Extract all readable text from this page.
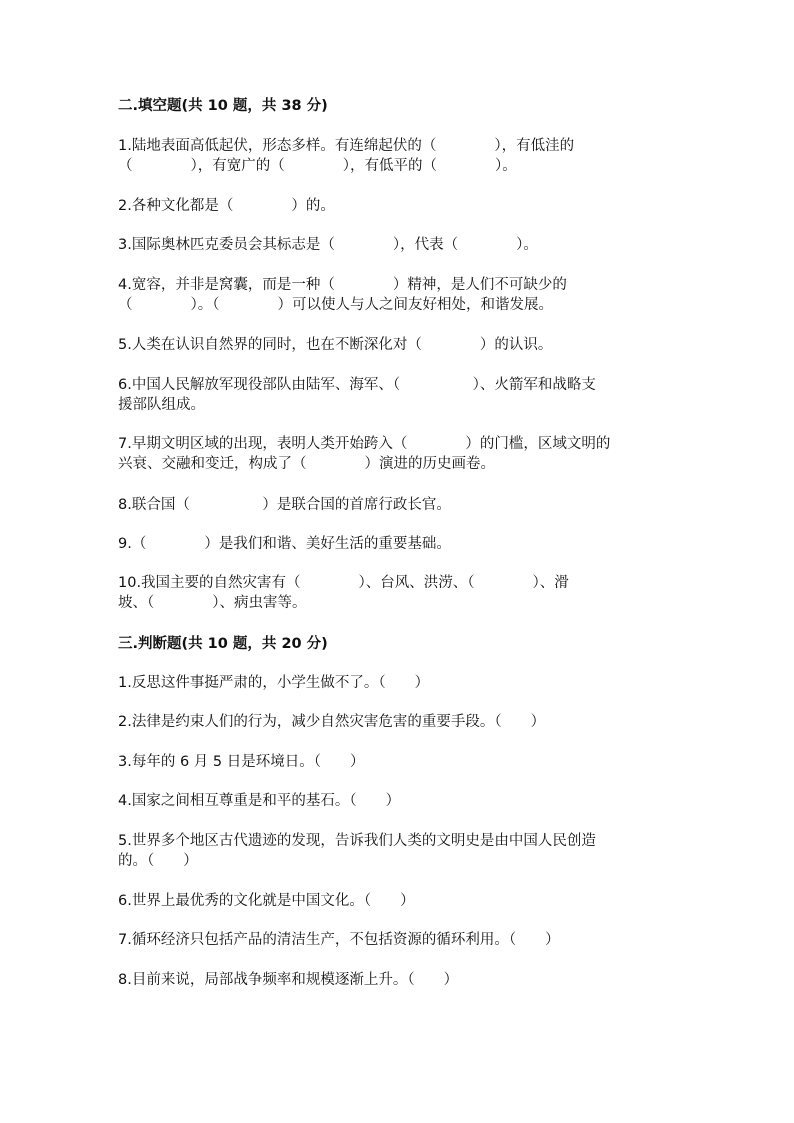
二.填空题(共 10 题，共 38 分)
1.陆地表面高低起伏，形态多样。有连绵起伏的（　　　　），有低洼的
（　　　　），有宽广的（　　　　），有低平的（　　　　）。
2.各种文化都是（　　　　）的。
3.国际奥林匹克委员会其标志是（　　　　），代表（　　　　）。
4.宽容，并非是窝囊，而是一种（　　　　）精神，是人们不可缺少的
（　　　　）。（　　　　）可以使人与人之间友好相处，和谐发展。
5.人类在认识自然界的同时，也在不断深化对（　　　　）的认识。
6.中国人民解放军现役部队由陆军、海军、（　　　　　）、火箭军和战略支
援部队组成。
7.早期文明区域的出现，表明人类开始跨入（　　　　）的门槛，区域文明的
兴衰、交融和变迁，构成了（　　　　）演进的历史画卷。
8.联合国（　　　　　）是联合国的首席行政长官。
9.（　　　　）是我们和谐、美好生活的重要基础。
10.我国主要的自然灾害有（　　　　）、台风、洪涝、（　　　　）、滑
坡、（　　　　）、病虫害等。
三.判断题(共 10 题，共 20 分)
1.反思这件事挺严肃的，小学生做不了。（　　）
2.法律是约束人们的行为，减少自然灾害危害的重要手段。（　　）
3.每年的 6 月 5 日是环境日。（　　）
4.国家之间相互尊重是和平的基石。（　　）
5.世界多个地区古代遗迹的发现，告诉我们人类的文明史是由中国人民创造
的。（　　）
6.世界上最优秀的文化就是中国文化。（　　）
7.循环经济只包括产品的清洁生产，不包括资源的循环利用。（　　）
8.目前来说，局部战争频率和规模逐渐上升。（　　）
